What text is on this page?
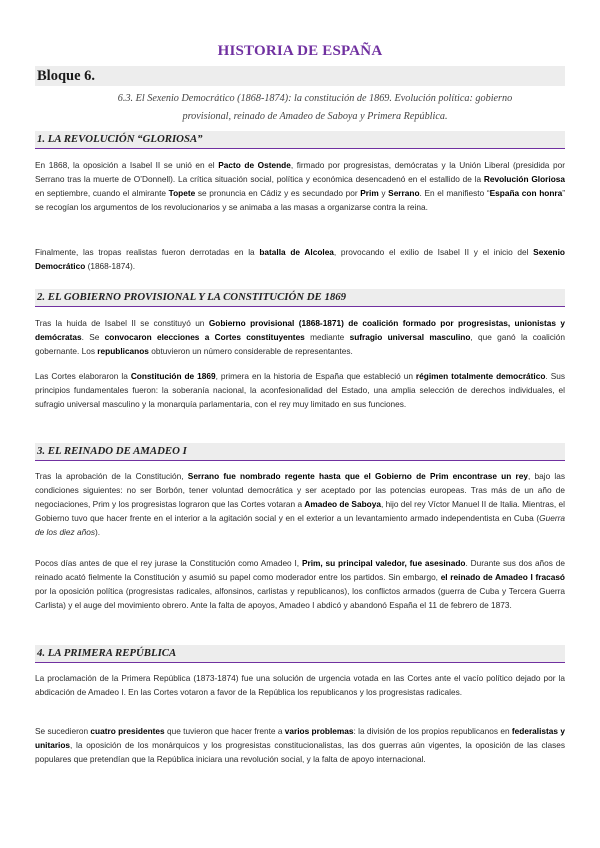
HISTORIA DE ESPAÑA
Bloque 6.
6.3. El Sexenio Democrático (1868-1874): la constitución de 1869. Evolución política: gobierno
provisional, reinado de Amadeo de Saboya y Primera República.
1. LA REVOLUCIÓN “GLORIOSA”

En 1868, la oposición a Isabel II se unió en el Pacto de Ostende, firmado por progresistas, demócratas y la Unión Liberal (presidida por Serrano tras la muerte de O’Donnell). La crítica situación social, política y económica desencadenó en el estallido de la Revolución Gloriosa en septiembre, cuando el almirante Topete se pronuncia en Cádiz y es secundado por Prim y Serrano. En el manifiesto “España con honra” se recogían los argumentos de los revolucionarios y se animaba a las masas a organizarse contra la reina.

Finalmente, las tropas realistas fueron derrotadas en la batalla de Alcolea, provocando el exilio de Isabel II y el inicio del Sexenio Democrático (1868-1874).

2. EL GOBIERNO PROVISIONAL Y LA CONSTITUCIÓN DE 1869

Tras la huida de Isabel II se constituyó un Gobierno provisional (1868-1871) de coalición formado por progresistas, unionistas y demócratas. Se convocaron elecciones a Cortes constituyentes mediante sufragio universal masculino, que ganó la coalición gobernante. Los republicanos obtuvieron un número considerable de representantes.

Las Cortes elaboraron la Constitución de 1869, primera en la historia de España que estableció un régimen totalmente democrático. Sus principios fundamentales fueron: la soberanía nacional, la aconfesionalidad del Estado, una amplia selección de derechos individuales, el sufragio universal masculino y la monarquía parlamentaria, con el rey muy limitado en sus funciones.

3. EL REINADO DE AMADEO I

Tras la aprobación de la Constitución, Serrano fue nombrado regente hasta que el Gobierno de Prim encontrase un rey, bajo las condiciones siguientes: no ser Borbón, tener voluntad democrática y ser aceptado por las potencias europeas. Tras más de un año de negociaciones, Prim y los progresistas lograron que las Cortes votaran a Amadeo de Saboya, hijo del rey Víctor Manuel II de Italia. Mientras, el Gobierno tuvo que hacer frente en el interior a la agitación social y en el exterior a un levantamiento armado independentista en Cuba (Guerra de los diez años).

Pocos días antes de que el rey jurase la Constitución como Amadeo I, Prim, su principal valedor, fue asesinado. Durante sus dos años de reinado acató fielmente la Constitución y asumió su papel como moderador entre los partidos. Sin embargo, el reinado de Amadeo I fracasó por la oposición política (progresistas radicales, alfonsinos, carlistas y republicanos), los conflictos armados (guerra de Cuba y Tercera Guerra Carlista) y el auge del movimiento obrero. Ante la falta de apoyos, Amadeo I abdicó y abandonó España el 11 de febrero de 1873.

4. LA PRIMERA REPÚBLICA

La proclamación de la Primera República (1873-1874) fue una solución de urgencia votada en las Cortes ante el vacío político dejado por la abdicación de Amadeo I. En las Cortes votaron a favor de la República los republicanos y los progresistas radicales.

Se sucedieron cuatro presidentes que tuvieron que hacer frente a varios problemas: la división de los propios republicanos en federalistas y unitarios, la oposición de los monárquicos y los progresistas constitucionalistas, las dos guerras aún vigentes, la oposición de las clases populares que pretendían que la República iniciara una revolución social, y la falta de apoyo internacional.
